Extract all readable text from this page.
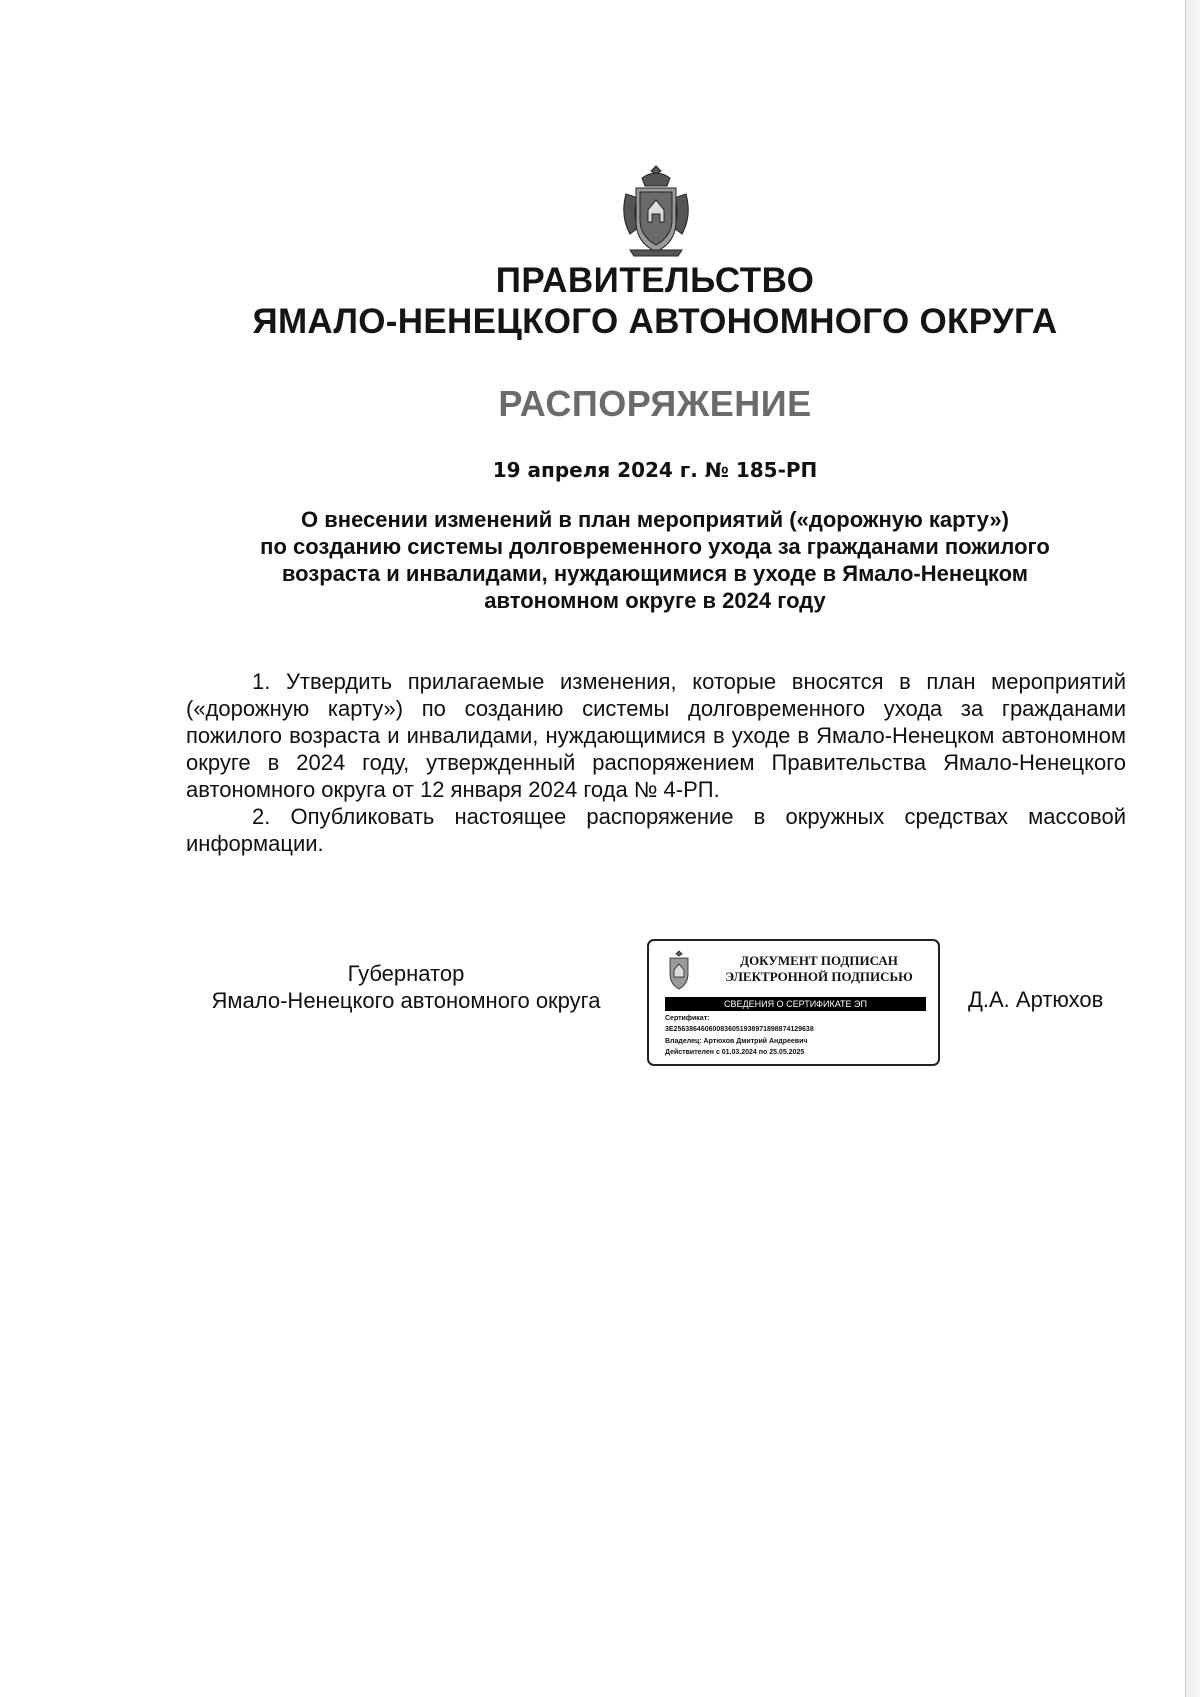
ПРАВИТЕЛЬСТВО
ЯМАЛО-НЕНЕЦКОГО АВТОНОМНОГО ОКРУГА
РАСПОРЯЖЕНИЕ
19 апреля 2024 г. № 185-РП
О внесении изменений в план мероприятий («дорожную карту»)
по созданию системы долговременного ухода за гражданами пожилого
возраста и инвалидами, нуждающимися в уходе в Ямало-Ненецком
автономном округе в 2024 году

1. Утвердить прилагаемые изменения, которые вносятся в план мероприятий («дорожную карту») по созданию системы долговременного ухода за гражданами пожилого возраста и инвалидами, нуждающимися в уходе в Ямало-Ненецком автономном округе в 2024 году, утвержденный распоряжением Правительства Ямало-Ненецкого автономного округа от 12 января 2024 года № 4-РП.

2. Опубликовать настоящее распоряжение в окружных средствах массовой информации.

Губернатор
Ямало-Ненецкого автономного округа
ДОКУМЕНТ ПОДПИСАН
ЭЛЕКТРОННОЙ ПОДПИСЬЮ
СВЕДЕНИЯ О СЕРТИФИКАТЕ ЭП
Сертификат:
3E256386460600836051938971898874129638
Владелец: Артюхов Дмитрий Андреевич
Действителен с 01.03.2024 по 25.05.2025
Д.А. Артюхов
